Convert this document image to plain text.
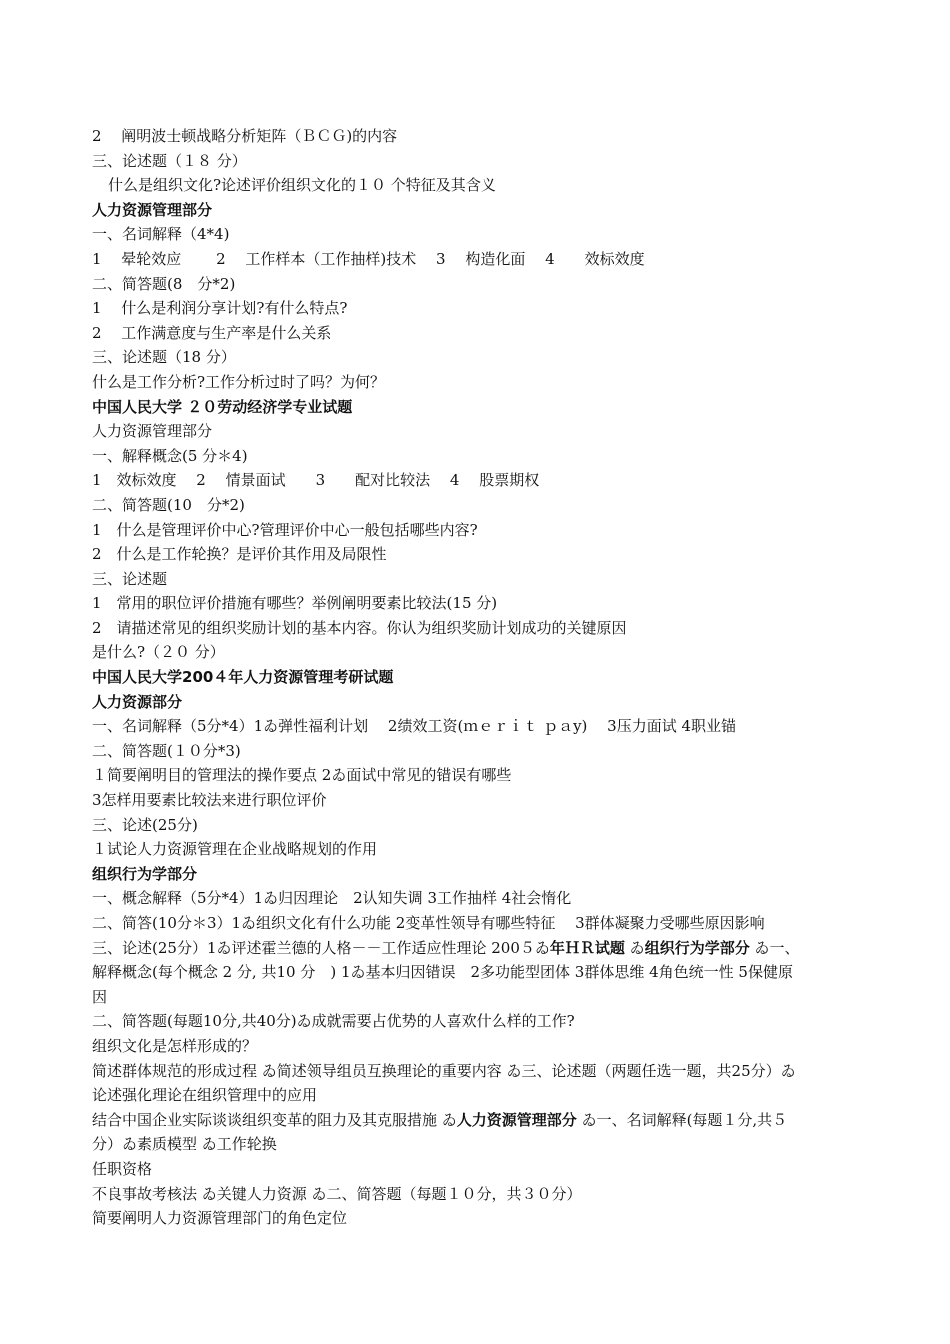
2　 阐明波士顿战略分析矩阵（ＢＣＧ)的内容
三、论述题（１８ 分）
什么是组织文化?论述评价组织文化的１０ 个特征及其含义
人力资源管理部分
一、名词解释（4*4)
1　 晕轮效应　　 2　 工作样本（工作抽样)技术　 3　 构造化面　 4　　效标效度
二、简答题(8　分*2)
1　 什么是利润分享计划?有什么特点?
2　 工作满意度与生产率是什么关系
三、论述题（18 分）
什么是工作分析?工作分析过时了吗？为何？
中国人民大学 ２０劳动经济学专业试题
人力资源管理部分
一、解释概念(5 分＊4)
1　效标效度　 2　 情景面试　　3　　配对比较法　 4　 股票期权
二、简答题(10　分*2)
1　什么是管理评价中心?管理评价中心一般包括哪些内容?
2　什么是工作轮换？是评价其作用及局限性
三、论述题
1　常用的职位评价措施有哪些？举例阐明要素比较法(15 分)
2　请描述常见的组织奖励计划的基本内容。你认为组织奖励计划成功的关键原因
是什么?（２０ 分）
中国人民大学200４年人力资源管理考研试题
人力资源部分
一、名词解释（5分*4）1ゐ弹性福利计划　 2绩效工资(ｍｅｒｉｔ ｐａy)　 3压力面试 4职业锚
二、简答题(１０分*3)
１简要阐明目的管理法的操作要点 2ゐ面试中常见的错误有哪些
3怎样用要素比较法来进行职位评价
三、论述(25分)
１试论人力资源管理在企业战略规划的作用
组织行为学部分
一、概念解释（5分*4）1ゐ归因理论　2认知失调 3工作抽样 4社会惰化
二、简答(10分＊3）1ゐ组织文化有什么功能 2变革性领导有哪些特征　 3群体凝聚力受哪些原因影响
三、论述(25分）1ゐ评述霍兰德的人格－－工作适应性理论 200５ゐ年ＨＲ试题 ゐ组织行为学部分 ゐ一、
解释概念(每个概念 2 分, 共10 分　) 1ゐ基本归因错误　2多功能型团体 3群体思维 4角色统一性 5保健原
因
二、简答题(每题10分,共40分)ゐ成就需要占优势的人喜欢什么样的工作?
组织文化是怎样形成的？
简述群体规范的形成过程 ゐ简述领导组员互换理论的重要内容 ゐ三、论述题（两题任选一题，共25分）ゐ
论述强化理论在组织管理中的应用
结合中国企业实际谈谈组织变革的阻力及其克服措施 ゐ人力资源管理部分 ゐ一、名词解释(每题１分,共５
分）ゐ素质模型 ゐ工作轮换
任职资格
不良事故考核法 ゐ关键人力资源 ゐ二、简答题（每题１０分，共３０分）
简要阐明人力资源管理部门的角色定位
